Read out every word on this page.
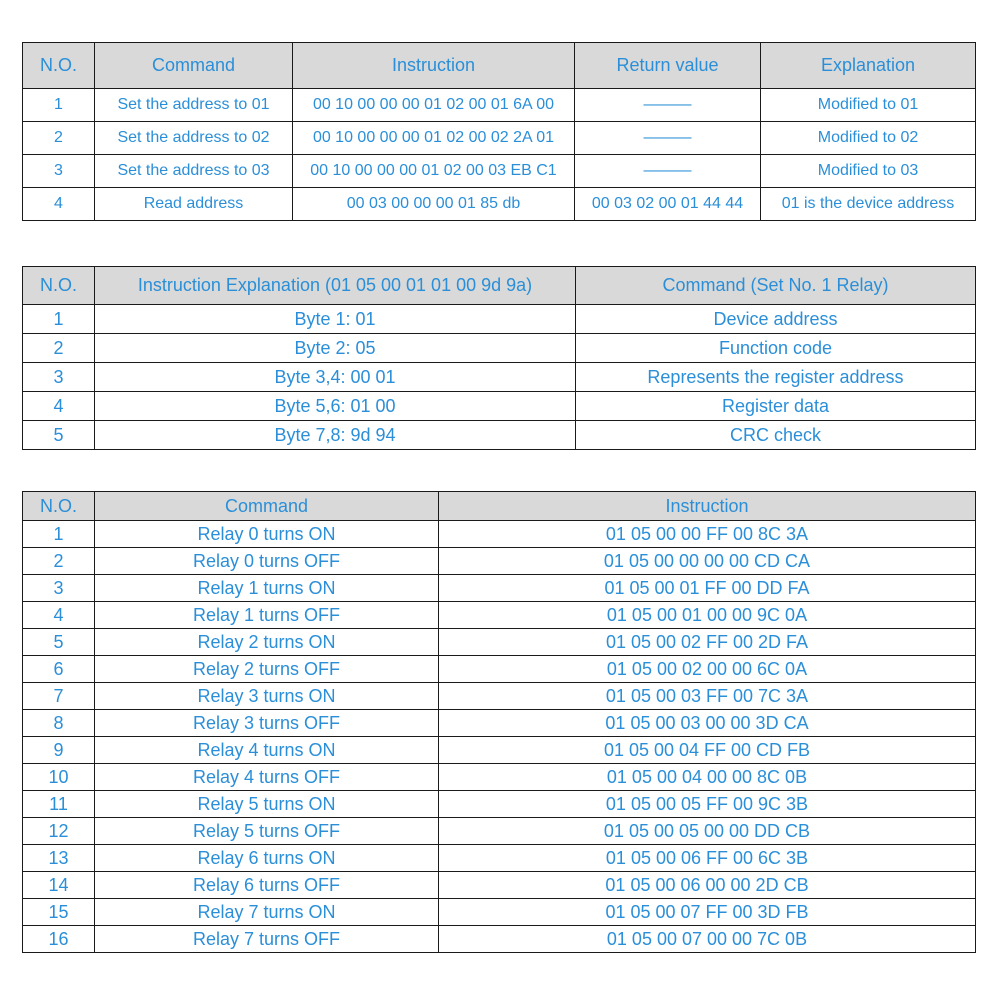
N.O.	Command	Instruction	Return value	Explanation
1	Set the address to 01	00 10 00 00 00 01 02 00 01 6A 00	———	Modified to 01
2	Set the address to 02	00 10 00 00 00 01 02 00 02 2A 01	———	Modified to 02
3	Set the address to 03	00 10 00 00 00 01 02 00 03 EB C1	———	Modified to 03
4	Read address	00 03 00 00 00 01 85 db	00 03 02 00 01 44 44	01 is the device address
N.O.	Instruction Explanation (01 05 00 01 01 00 9d 9a)	Command (Set No. 1 Relay)
1	Byte 1: 01	Device address
2	Byte 2: 05	Function code
3	Byte 3,4: 00 01	Represents the register address
4	Byte 5,6: 01 00	Register data
5	Byte 7,8: 9d 94	CRC check
N.O.	Command	Instruction
1	Relay 0 turns ON	01 05 00 00 FF 00 8C 3A
2	Relay 0 turns OFF	01 05 00 00 00 00 CD CA
3	Relay 1 turns ON	01 05 00 01 FF 00 DD FA
4	Relay 1 turns OFF	01 05 00 01 00 00 9C 0A
5	Relay 2 turns ON	01 05 00 02 FF 00 2D FA
6	Relay 2 turns OFF	01 05 00 02 00 00 6C 0A
7	Relay 3 turns ON	01 05 00 03 FF 00 7C 3A
8	Relay 3 turns OFF	01 05 00 03 00 00 3D CA
9	Relay 4 turns ON	01 05 00 04 FF 00 CD FB
10	Relay 4 turns OFF	01 05 00 04 00 00 8C 0B
11	Relay 5 turns ON	01 05 00 05 FF 00 9C 3B
12	Relay 5 turns OFF	01 05 00 05 00 00 DD CB
13	Relay 6 turns ON	01 05 00 06 FF 00 6C 3B
14	Relay 6 turns OFF	01 05 00 06 00 00 2D CB
15	Relay 7 turns ON	01 05 00 07 FF 00 3D FB
16	Relay 7 turns OFF	01 05 00 07 00 00 7C 0B
